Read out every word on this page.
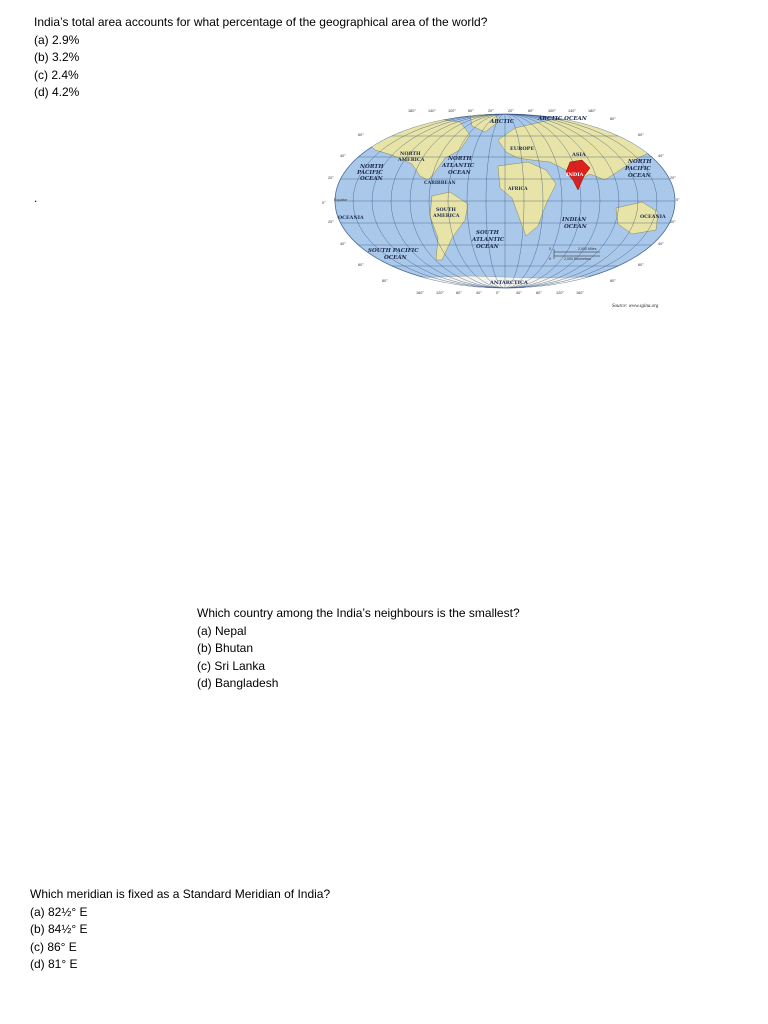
India’s total area accounts for what percentage of the geographical area of the world?

(a) 2.9%

(b) 3.2%

(c) 2.4%

(d) 4.2%

.
ARCTIC	ARCTIC OCEAN
EUROPE
ASIA
INDIA
NORTH
AMERICA
NORTH
PACIFIC
OCEAN
NORTH
ATLANTIC
OCEAN
CARIBBEAN
AFRICA
SOUTH
AMERICA
SOUTH
ATLANTIC
OCEAN
INDIAN
OCEAN
OCEANIA	OCEANIA
NORTH
PACIFIC
OCEAN
SOUTH PACIFIC
OCEAN
ANTARCTICA
Equator
0
0
2,000 Miles
2,000 Kilometres
180°	140°	100°	60°	20°	20°	60°	100°	140°	180°
160°	120°	80°	40°	0°	40°	80°	120°	160°
60°
40°
20°
0°
20°
40°
60°
80°
80°
60°
40°
20°
0°
20°
40°
60°
80°
Source: www.sgina.org

Which country among the India’s neighbours is the smallest?

(a) Nepal

(b) Bhutan

(c) Sri Lanka

(d) Bangladesh

Which meridian is fixed as a Standard Meridian of India?

(a) 82½° E

(b) 84½° E

(c) 86° E

(d) 81° E
